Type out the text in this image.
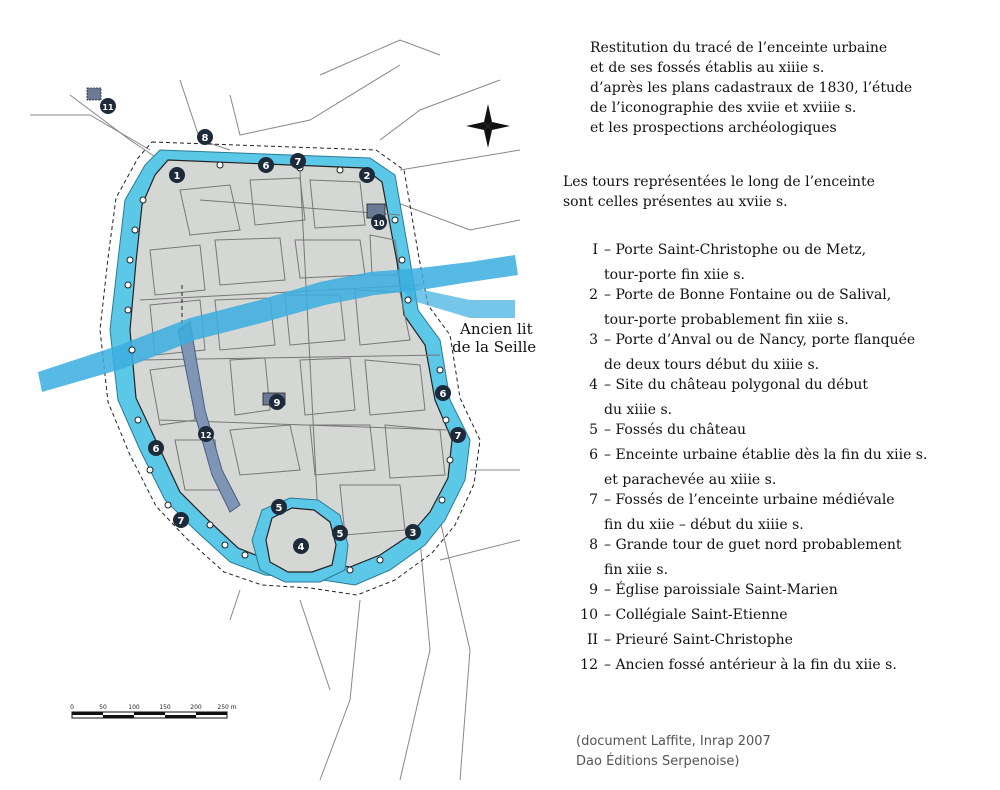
1	2
3
4
5
5
6
6
6
7
7
7
8
9
10
11
12
Ancien lit
de la Seille
0	50	100	150	200	250 m
Restitution du tracé de l’enceinte urbaine
et de ses fossés établis au xiiie s.
d’après les plans cadastraux de 1830, l’étude
de l’iconographie des xviie et xviiie s.
et les prospections archéologiques
Les tours représentées le long de l’enceinte
sont celles présentes au xviie s.
I – Porte Saint-Christophe ou de Metz,
tour-porte fin xiie s.
2 – Porte de Bonne Fontaine ou de Salival,
tour-porte probablement fin xiie s.
3 – Porte d’Anval ou de Nancy, porte flanquée
de deux tours début du xiiie s.
4 – Site du château polygonal du début
du xiiie s.
5 – Fossés du château
6 – Enceinte urbaine établie dès la fin du xiie s.
et parachevée au xiiie s.
7 – Fossés de l’enceinte urbaine médiévale
fin du xiie – début du xiiie s.
8 – Grande tour de guet nord probablement
fin xiie s.
9 – Église paroissiale Saint-Marien
10 – Collégiale Saint-Etienne
II – Prieuré Saint-Christophe
12 – Ancien fossé antérieur à la fin du xiie s.
(document Laffite, Inrap 2007
Dao Éditions Serpenoise)
